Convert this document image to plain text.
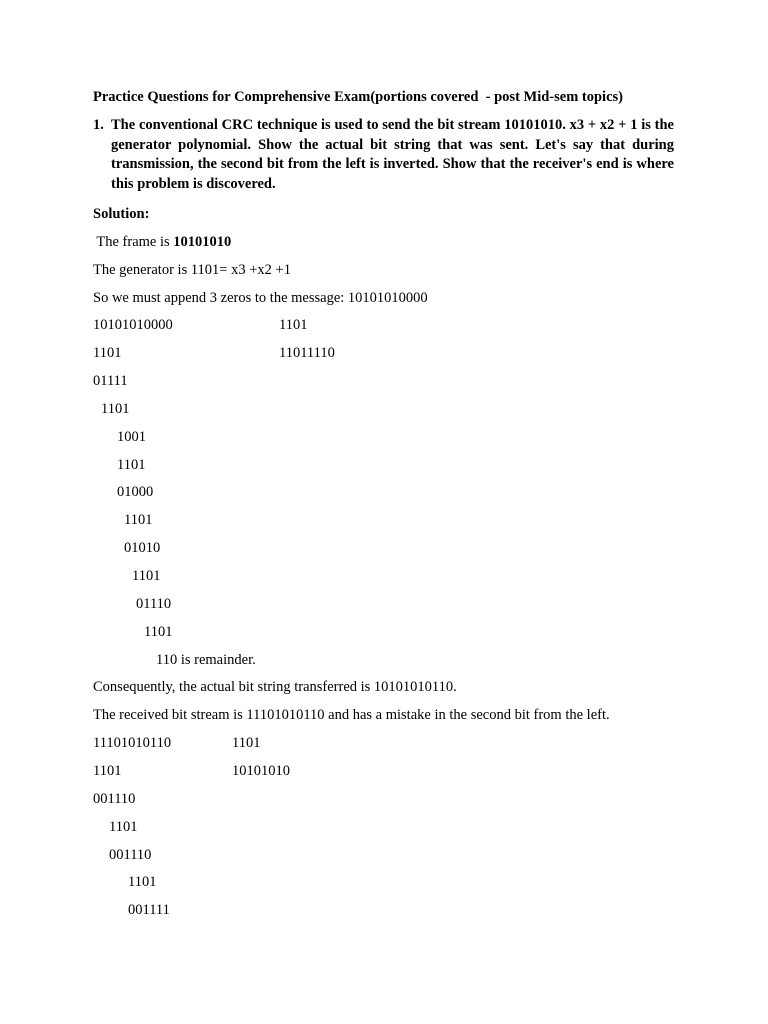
Practice Questions for Comprehensive Exam(portions covered  - post Mid-sem topics)
1. The conventional CRC technique is used to send the bit stream 10101010. x3 + x2 + 1 is the generator polynomial. Show the actual bit string that was sent. Let's say that during transmission, the second bit from the left is inverted. Show that the receiver's end is where this problem is discovered.
Solution:
The frame is 10101010
The generator is 1101= x3 +x2 +1
So we must append 3 zeros to the message: 10101010000
10101010000	1101
1101	11011110
01111
1101
1001
1101
01000
1101
01010
1101
01110
1101
110 is remainder.
Consequently, the actual bit string transferred is 10101010110.
The received bit stream is 11101010110 and has a mistake in the second bit from the left.
11101010110	1101
1101	10101010
001110
1101
001110
1101
001111
